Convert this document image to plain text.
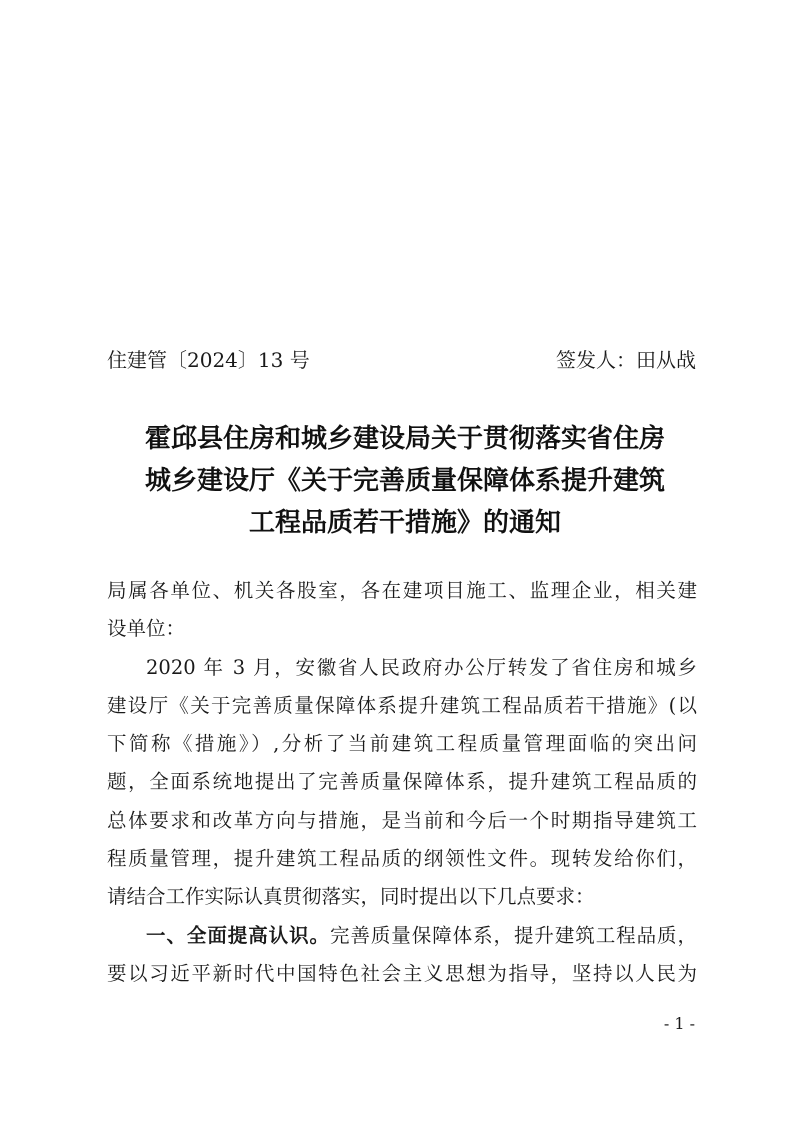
住建管〔2024〕13 号	签发人：田从战
霍邱县住房和城乡建设局关于贯彻落实省住房
城乡建设厅《关于完善质量保障体系提升建筑
工程品质若干措施》的通知
局属各单位、机关各股室，各在建项目施工、监理企业，相关建
设单位：
2020 年 3 月，安徽省人民政府办公厅转发了省住房和城乡
建设厅《关于完善质量保障体系提升建筑工程品质若干措施》(以
下简称《措施》）,分析了当前建筑工程质量管理面临的突出问
题，全面系统地提出了完善质量保障体系，提升建筑工程品质的
总体要求和改革方向与措施，是当前和今后一个时期指导建筑工
程质量管理，提升建筑工程品质的纲领性文件。现转发给你们，
请结合工作实际认真贯彻落实，同时提出以下几点要求：
一、全面提高认识。完善质量保障体系，提升建筑工程品质，
要以习近平新时代中国特色社会主义思想为指导，坚持以人民为
- 1 -
